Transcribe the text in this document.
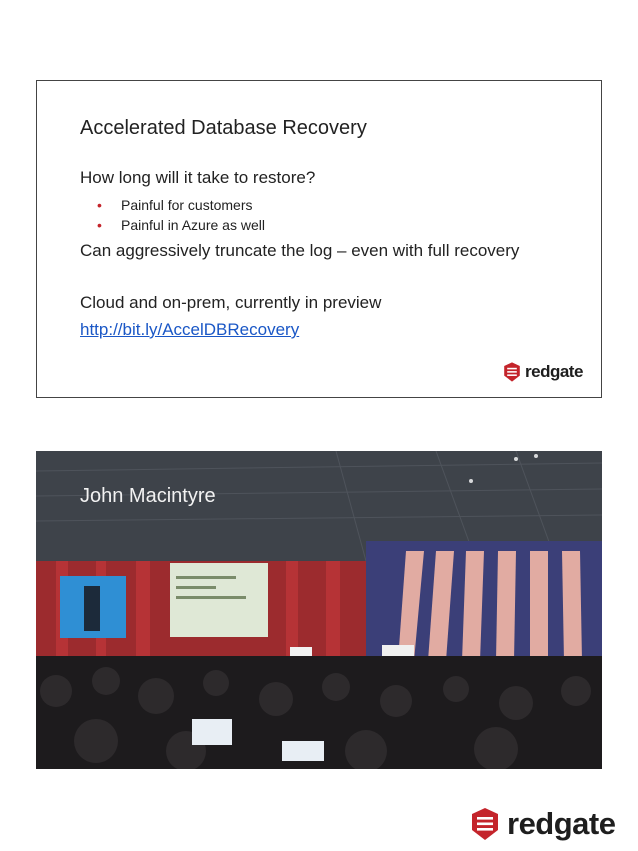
Accelerated Database Recovery
How long will it take to restore?
• Painful for customers
• Painful in Azure as well
Can aggressively truncate the log – even with full recovery
Cloud and on-prem, currently in preview
http://bit.ly/AccelDBRecovery
redgate
John Macintyre
redgate
